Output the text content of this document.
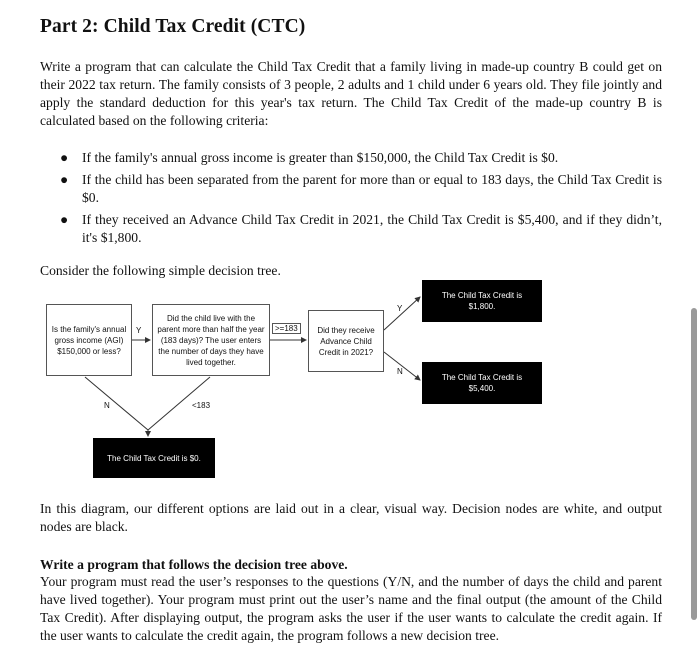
Part 2: Child Tax Credit (CTC)

Write a program that can calculate the Child Tax Credit that a family living in made-up country B could get on their 2022 tax return. The family consists of 3 people, 2 adults and 1 child under 6 years old. They file jointly and apply the standard deduction for this year's tax return. The Child Tax Credit of the made-up country B is calculated based on the following criteria:

● If the family's annual gross income is greater than $150,000, the Child Tax Credit is $0.
● If the child has been separated from the parent for more than or equal to 183 days, the Child Tax Credit is $0.
● If they received an Advance Child Tax Credit in 2021, the Child Tax Credit is $5,400, and if they didn’t, it's $1,800.

Consider the following simple decision tree.

Is the family's annual gross income (AGI) $150,000 or less?
Did the child live with the parent more than half the year (183 days)? The user enters the number of days they have lived together.
Did they receive Advance Child Credit in 2021?
The Child Tax Credit is $1,800.
The Child Tax Credit is $5,400.
The Child Tax Credit is $0.
Y	>=183
Y
N
N	<183

In this diagram, our different options are laid out in a clear, visual way. Decision nodes are white, and output nodes are black.

Write a program that follows the decision tree above.

Your program must read the user’s responses to the questions (Y/N, and the number of days the child and parent have lived together). Your program must print out the user’s name and the final output (the amount of the Child Tax Credit). After displaying output, the program asks the user if the user wants to calculate the credit again. If the user wants to calculate the credit again, the program follows a new decision tree.
